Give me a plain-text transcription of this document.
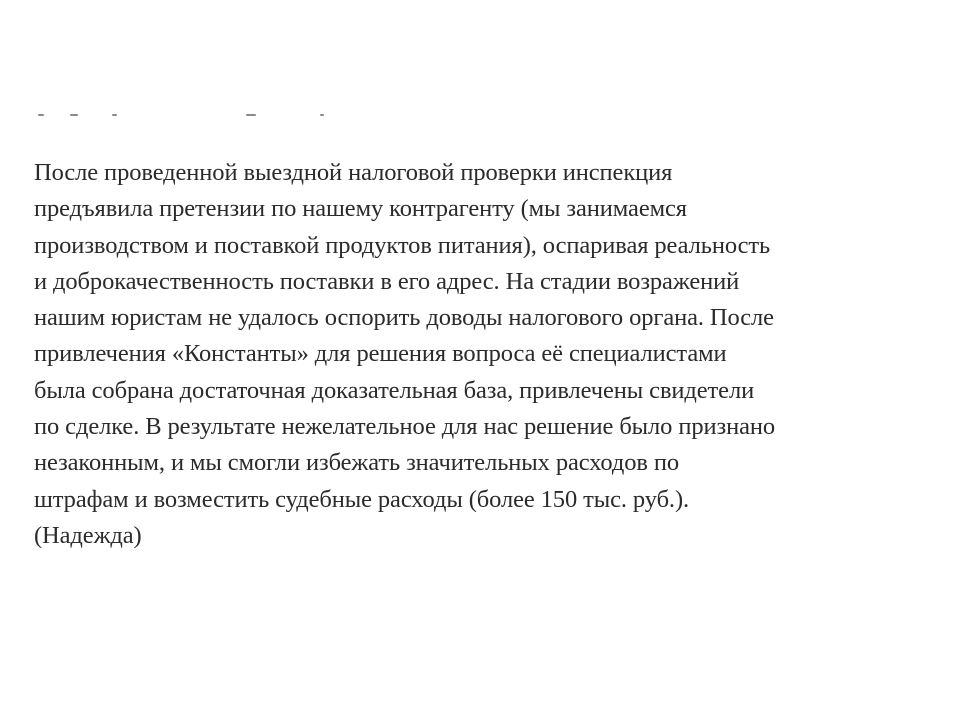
После проведенной выездной налоговой проверки инспекция
предъявила претензии по нашему контрагенту (мы занимаемся
производством и поставкой продуктов питания), оспаривая реальность
и доброкачественность поставки в его адрес. На стадии возражений
нашим юристам не удалось оспорить доводы налогового органа. После
привлечения «Константы» для решения вопроса её специалистами
была собрана достаточная доказательная база, привлечены свидетели
по сделке. В результате нежелательное для нас решение было признано
незаконным, и мы смогли избежать значительных расходов по
штрафам и возместить судебные расходы (более 150 тыс. руб.).
(Надежда)
